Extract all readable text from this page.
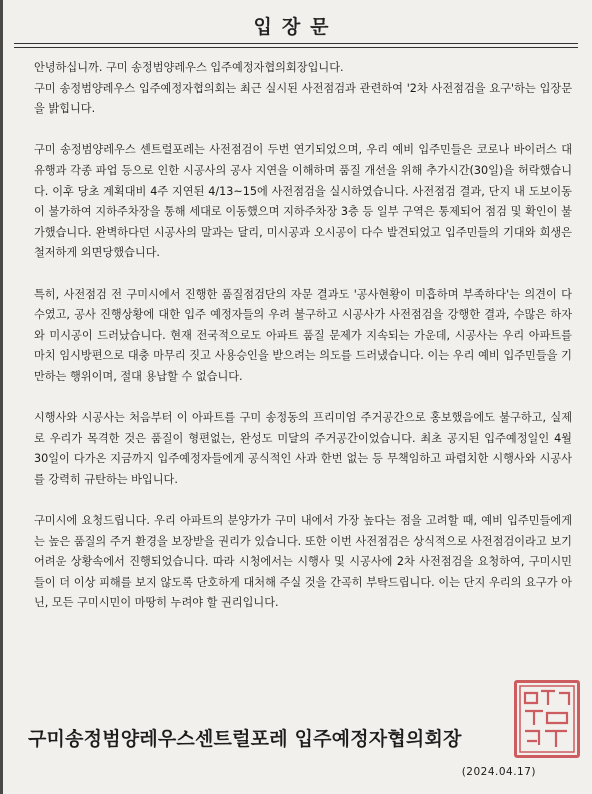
입장문

안녕하십니까. 구미 송정범양레우스 입주예정자협의회장입니다.

구미 송정범양레우스 입주예정자협의회는 최근 실시된 사전점검과 관련하여 '2차 사전점검을 요구'하는 입장문을 밝힙니다.

구미 송정범양레우스 센트럴포레는 사전점검이 두번 연기되었으며, 우리 예비 입주민들은 코로나 바이러스 대유행과 각종 파업 등으로 인한 시공사의 공사 지연을 이해하며 품질 개선을 위해 추가시간(30일)을 허락했습니다. 이후 당초 계획대비 4주 지연된 4/13~15에 사전점검을 실시하였습니다. 사전점검 결과, 단지 내 도보이동이 불가하여 지하주차장을 통해 세대로 이동했으며 지하주차장 3층 등 일부 구역은 통제되어 점검 및 확인이 불가했습니다. 완벽하다던 시공사의 말과는 달리, 미시공과 오시공이 다수 발견되었고 입주민들의 기대와 희생은 철저하게 외면당했습니다.

특히, 사전점검 전 구미시에서 진행한 품질점검단의 자문 결과도 '공사현황이 미흡하며 부족하다'는 의견이 다수였고, 공사 진행상황에 대한 입주 예정자들의 우려 불구하고 시공사가 사전점검을 강행한 결과, 수많은 하자와 미시공이 드러났습니다. 현재 전국적으로도 아파트 품질 문제가 지속되는 가운데, 시공사는 우리 아파트를 마치 임시방편으로 대충 마무리 짓고 사용승인을 받으려는 의도를 드러냈습니다. 이는 우리 예비 입주민들을 기만하는 행위이며, 절대 용납할 수 없습니다.

시행사와 시공사는 처음부터 이 아파트를 구미 송정동의 프리미엄 주거공간으로 홍보했음에도 불구하고, 실제로 우리가 목격한 것은 품질이 형편없는, 완성도 미달의 주거공간이었습니다. 최초 공지된 입주예정일인 4월 30일이 다가온 지금까지 입주예정자들에게 공식적인 사과 한번 없는 등 무책임하고 파렴치한 시행사와 시공사를 강력히 규탄하는 바입니다.

구미시에 요청드립니다. 우리 아파트의 분양가가 구미 내에서 가장 높다는 점을 고려할 때, 예비 입주민들에게는 높은 품질의 주거 환경을 보장받을 권리가 있습니다. 또한 이번 사전점검은 상식적으로 사전점검이라고 보기 어려운 상황속에서 진행되었습니다. 따라 시청에서는 시행사 및 시공사에 2차 사전점검을 요청하여, 구미시민들이 더 이상 피해를 보지 않도록 단호하게 대처해 주실 것을 간곡히 부탁드립니다. 이는 단지 우리의 요구가 아닌, 모든 구미시민이 마땅히 누려야 할 권리입니다.

구미송정범양레우스센트럴포레 입주예정자협의회장
(2024.04.17)
